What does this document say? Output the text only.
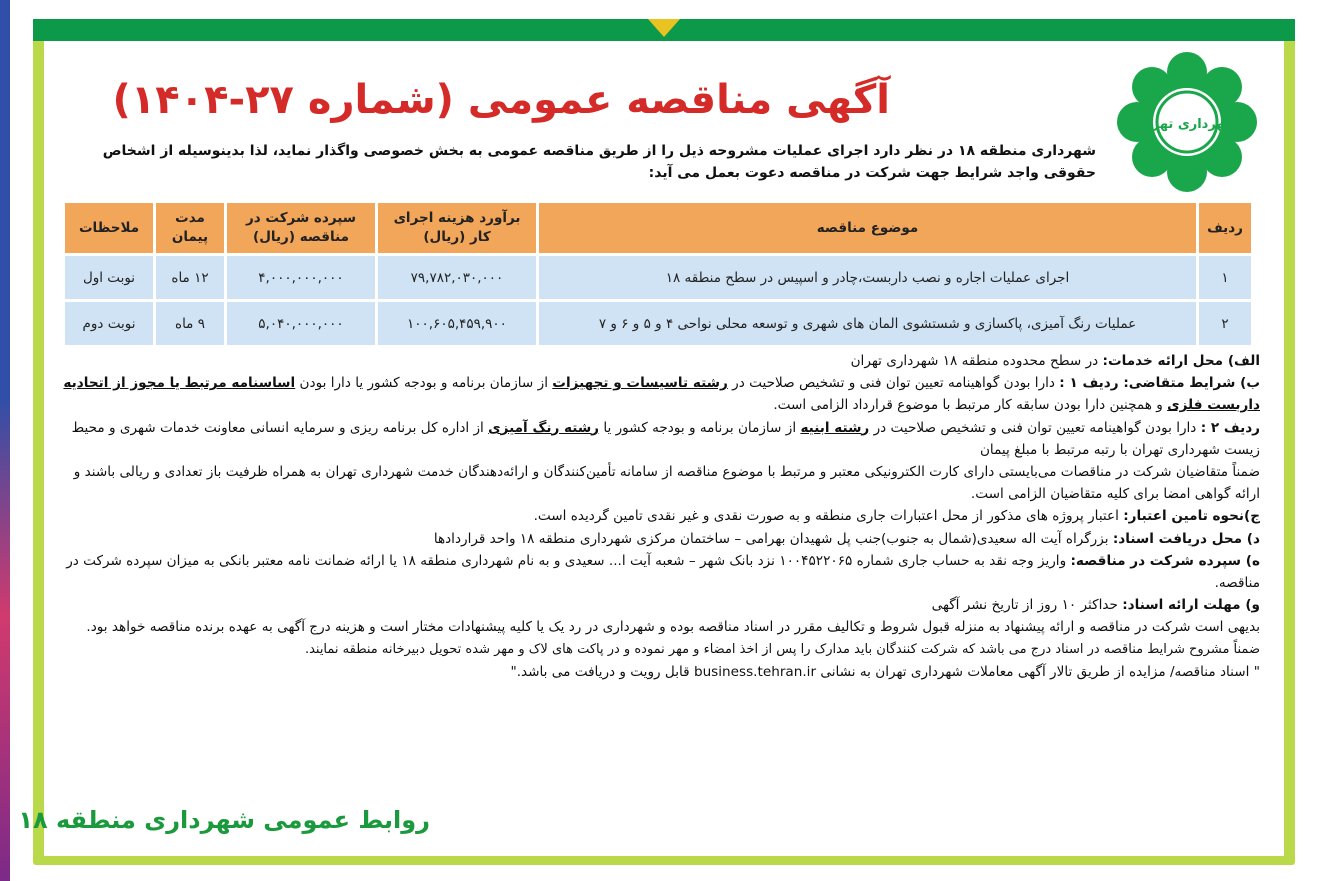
شهرداری تهران
آگهی مناقصه عمومی (شماره ۲۷-۱۴۰۴)

شهرداری منطقه ۱۸ در نظر دارد اجرای عملیات مشروحه ذیل را از طریق مناقصه عمومی به بخش خصوصی واگذار نماید، لذا بدینوسیله از اشخاص حقوقی واجد شرایط جهت شرکت در مناقصه دعوت بعمل می آید:

ردیف	موضوع مناقصه	برآورد هزینه اجرای کار (ریال)	سپرده شرکت در مناقصه (ریال)	مدت پیمان	ملاحظات
۱	اجرای عملیات اجاره و نصب داربست،چادر و اسپیس در سطح منطقه ۱۸	۷۹,۷۸۲,۰۳۰,۰۰۰	۴,۰۰۰,۰۰۰,۰۰۰	۱۲ ماه	نوبت اول
۲	عملیات رنگ آمیزی، پاکسازی و شستشوی المان های شهری و توسعه محلی نواحی ۴ و ۵ و ۶ و ۷	۱۰۰,۶۰۵,۴۵۹,۹۰۰	۵,۰۴۰,۰۰۰,۰۰۰	۹ ماه	نوبت دوم

الف) محل ارائه خدمات: در سطح محدوده منطقه ۱۸ شهرداری تهران

ب) شرایط متقاضی: ردیف ۱ : دارا بودن گواهینامه تعیین توان فنی و تشخیص صلاحیت در رشته تاسیسات و تجهیزات از سازمان برنامه و بودجه کشور یا دارا بودن اساسنامه مرتبط یا مجوز از اتحادیه داربست فلزی و همچنین دارا بودن سابقه کار مرتبط با موضوع قرارداد الزامی است.

ردیف ۲ : دارا بودن گواهینامه تعیین توان فنی و تشخیص صلاحیت در رشته ابنیه از سازمان برنامه و بودجه کشور یا رشته رنگ آمیزی از اداره کل برنامه ریزی و سرمایه انسانی معاونت خدمات شهری و محیط زیست شهرداری تهران با رتبه مرتبط با مبلغ پیمان

ضمناً متقاضیان شرکت در مناقصات می‌بایستی دارای کارت الکترونیکی معتبر و مرتبط با موضوع مناقصه از سامانه تأمین‌کنندگان و ارائه‌دهندگان خدمت شهرداری تهران به همراه ظرفیت باز تعدادی و ریالی باشند و ارائه گواهی امضا برای کلیه متقاضیان الزامی است.

ج)نحوه تامین اعتبار: اعتبار پروژه های مذکور از محل اعتبارات جاری منطقه و به صورت نقدی و غیر نقدی تامین گردیده است.

د) محل دریافت اسناد: بزرگراه آیت اله سعیدی(شمال به جنوب)جنب پل شهیدان بهرامی – ساختمان مرکزی شهرداری منطقه ۱۸ واحد قراردادها

ه) سپرده شرکت در مناقصه: واریز وجه نقد به حساب جاری شماره ۱۰۰۴۵۲۲۰۶۵ نزد بانک شهر – شعبه آیت ا... سعیدی و به نام شهرداری منطقه ۱۸ یا ارائه ضمانت نامه معتبر بانکی به میزان سپرده شرکت در مناقصه.

و) مهلت ارائه اسناد: حداکثر ۱۰ روز از تاریخ نشر آگهی

بدیهی است شرکت در مناقصه و ارائه پیشنهاد به منزله قبول شروط و تکالیف مقرر در اسناد مناقصه بوده و شهرداری در رد یک یا کلیه پیشنهادات مختار است و هزینه درج آگهی به عهده برنده مناقصه خواهد بود.

ضمناً مشروح شرایط مناقصه در اسناد درج می باشد که شرکت کنندگان باید مدارک را پس از اخذ امضاء و مهر نموده و در پاکت های لاک و مهر شده تحویل دبیرخانه منطقه نمایند.

" اسناد مناقصه/ مزایده از طریق تالار آگهی معاملات شهرداری تهران به نشانی business.tehran.ir قابل رویت و دریافت می باشد."

روابط عمومی شهرداری منطقه ۱۸
